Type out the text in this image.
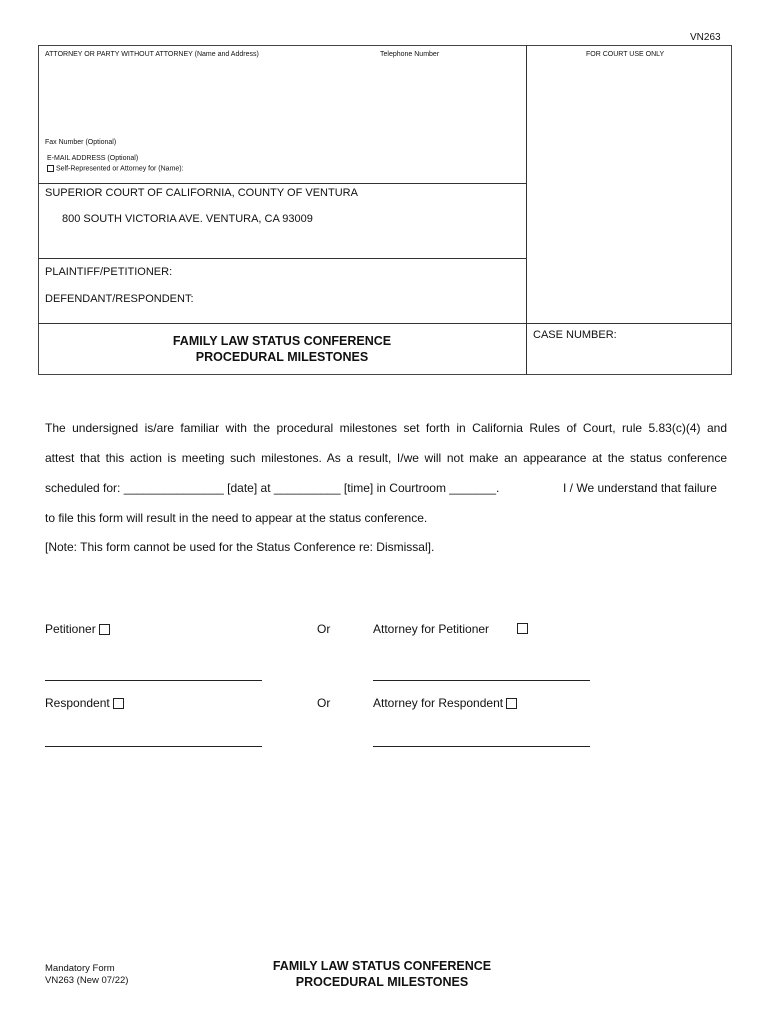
VN263
ATTORNEY OR PARTY WITHOUT ATTORNEY (Name and Address)	Telephone Number	FOR COURT USE ONLY
Fax Number (Optional)
E-MAIL ADDRESS (Optional)
Self-Represented or Attorney for (Name):
SUPERIOR COURT OF CALIFORNIA, COUNTY OF VENTURA
800 SOUTH VICTORIA AVE. VENTURA, CA 93009
PLAINTIFF/PETITIONER:
DEFENDANT/RESPONDENT:
FAMILY LAW STATUS CONFERENCE
PROCEDURAL MILESTONES
CASE NUMBER:
The undersigned is/are familiar with the procedural milestones set forth in California Rules of Court, rule 5.83(c)(4) and
attest that this action is meeting such milestones. As a result, I/we will not make an appearance at the status conference
scheduled for: _______________ [date] at __________ [time] in Courtroom _______.	I / We understand that failure
to file this form will result in the need to appear at the status conference.
[Note: This form cannot be used for the Status Conference re: Dismissal].
Petitioner	Or	Attorney for Petitioner
Respondent	Or	Attorney for Respondent
Mandatory Form
VN263 (New 07/22)
FAMILY LAW STATUS CONFERENCE
PROCEDURAL MILESTONES
